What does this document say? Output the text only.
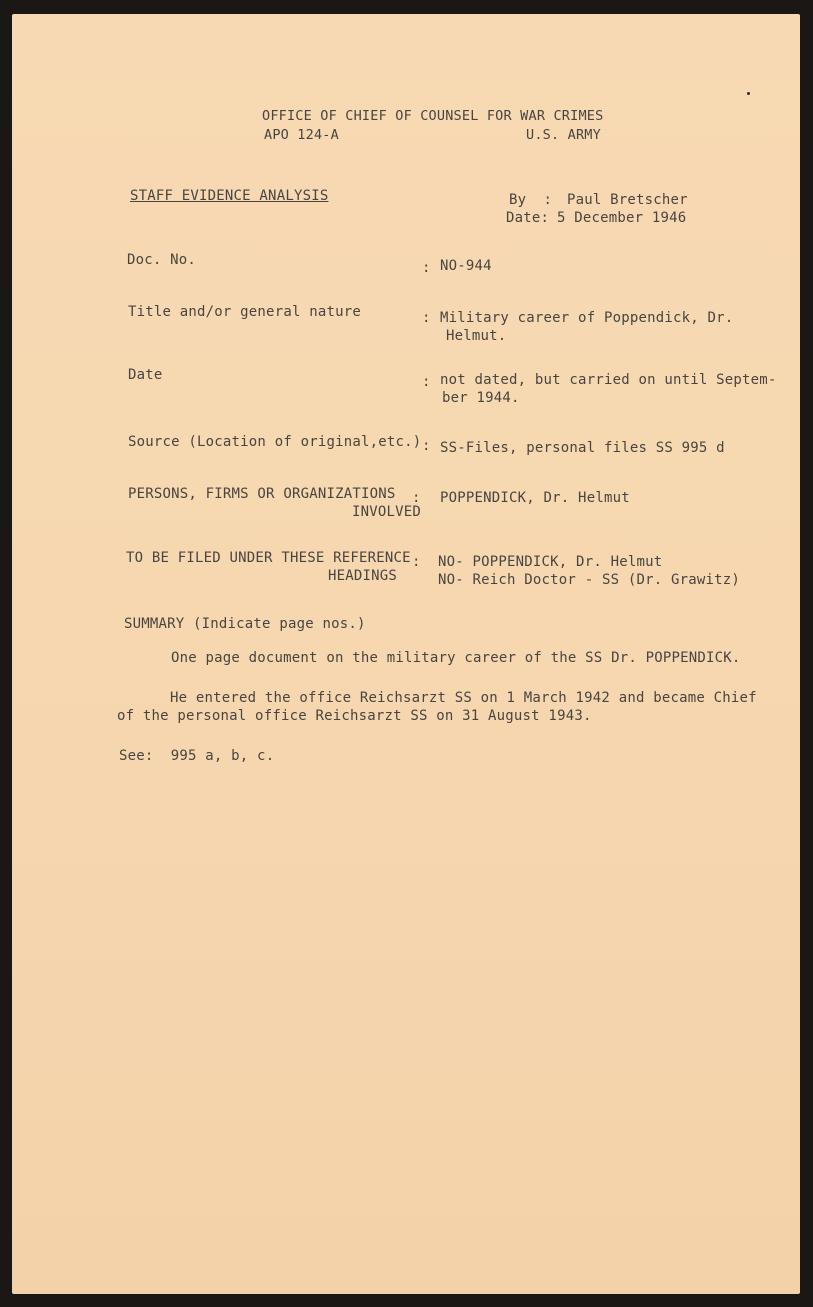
OFFICE OF CHIEF OF COUNSEL FOR WAR CRIMES
APO 124-A	U.S. ARMY
STAFF EVIDENCE ANALYSIS	By  : Paul Bretscher
Date: 5 December 1946
Doc. No.	: NO-944
Title and/or general nature	: Military career of Poppendick, Dr.
Helmut.
Date	: not dated, but carried on until Septem-
ber 1944.
Source (Location of original,etc.) : SS-Files, personal files SS 995 d
PERSONS, FIRMS OR ORGANIZATIONS
INVOLVED
: POPPENDICK, Dr. Helmut
TO BE FILED UNDER THESE REFERENCE
HEADINGS
: NO- POPPENDICK, Dr. Helmut
NO- Reich Doctor - SS (Dr. Grawitz)
SUMMARY (Indicate page nos.)
One page document on the military career of the SS Dr. POPPENDICK.
He entered the office Reichsarzt SS on 1 March 1942 and became Chief
of the personal office Reichsarzt SS on 31 August 1943.
See:  995 a, b, c.
